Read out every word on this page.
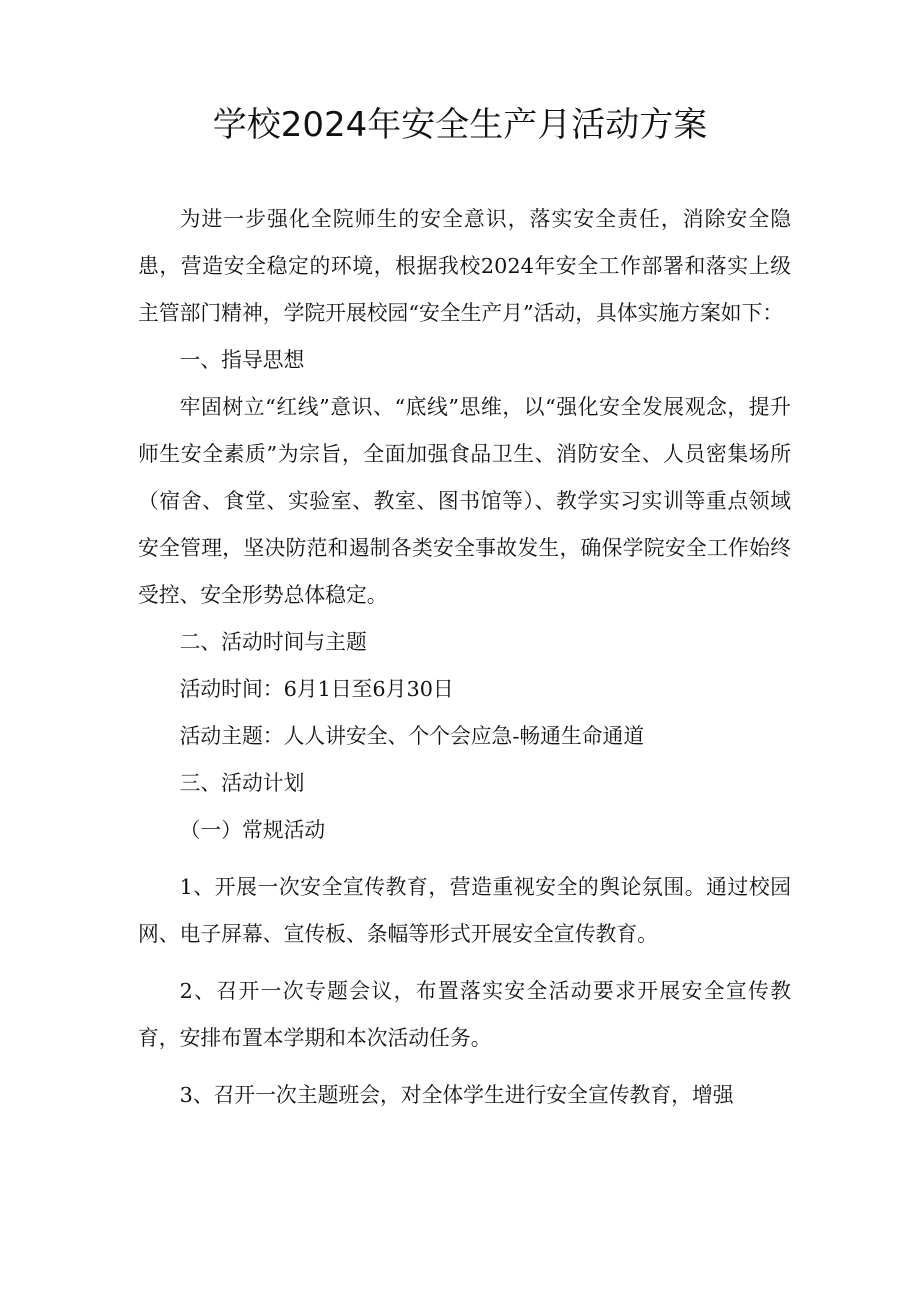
学校2024年安全生产月活动方案

为进一步强化全院师生的安全意识，落实安全责任，消除安全隐患，营造安全稳定的环境，根据我校2024年安全工作部署和落实上级主管部门精神，学院开展校园“安全生产月”活动，具体实施方案如下：

一、指导思想

牢固树立“红线”意识、“底线”思维，以“强化安全发展观念，提升师生安全素质”为宗旨，全面加强食品卫生、消防安全、人员密集场所（宿舍、食堂、实验室、教室、图书馆等）、教学实习实训等重点领域安全管理，坚决防范和遏制各类安全事故发生，确保学院安全工作始终受控、安全形势总体稳定。

二、活动时间与主题

活动时间：6月1日至6月30日

活动主题：人人讲安全、个个会应急-畅通生命通道

三、活动计划

（一）常规活动

1、开展一次安全宣传教育，营造重视安全的舆论氛围。通过校园网、电子屏幕、宣传板、条幅等形式开展安全宣传教育。

2、召开一次专题会议，布置落实安全活动要求开展安全宣传教育，安排布置本学期和本次活动任务。

3、召开一次主题班会，对全体学生进行安全宣传教育，增强
